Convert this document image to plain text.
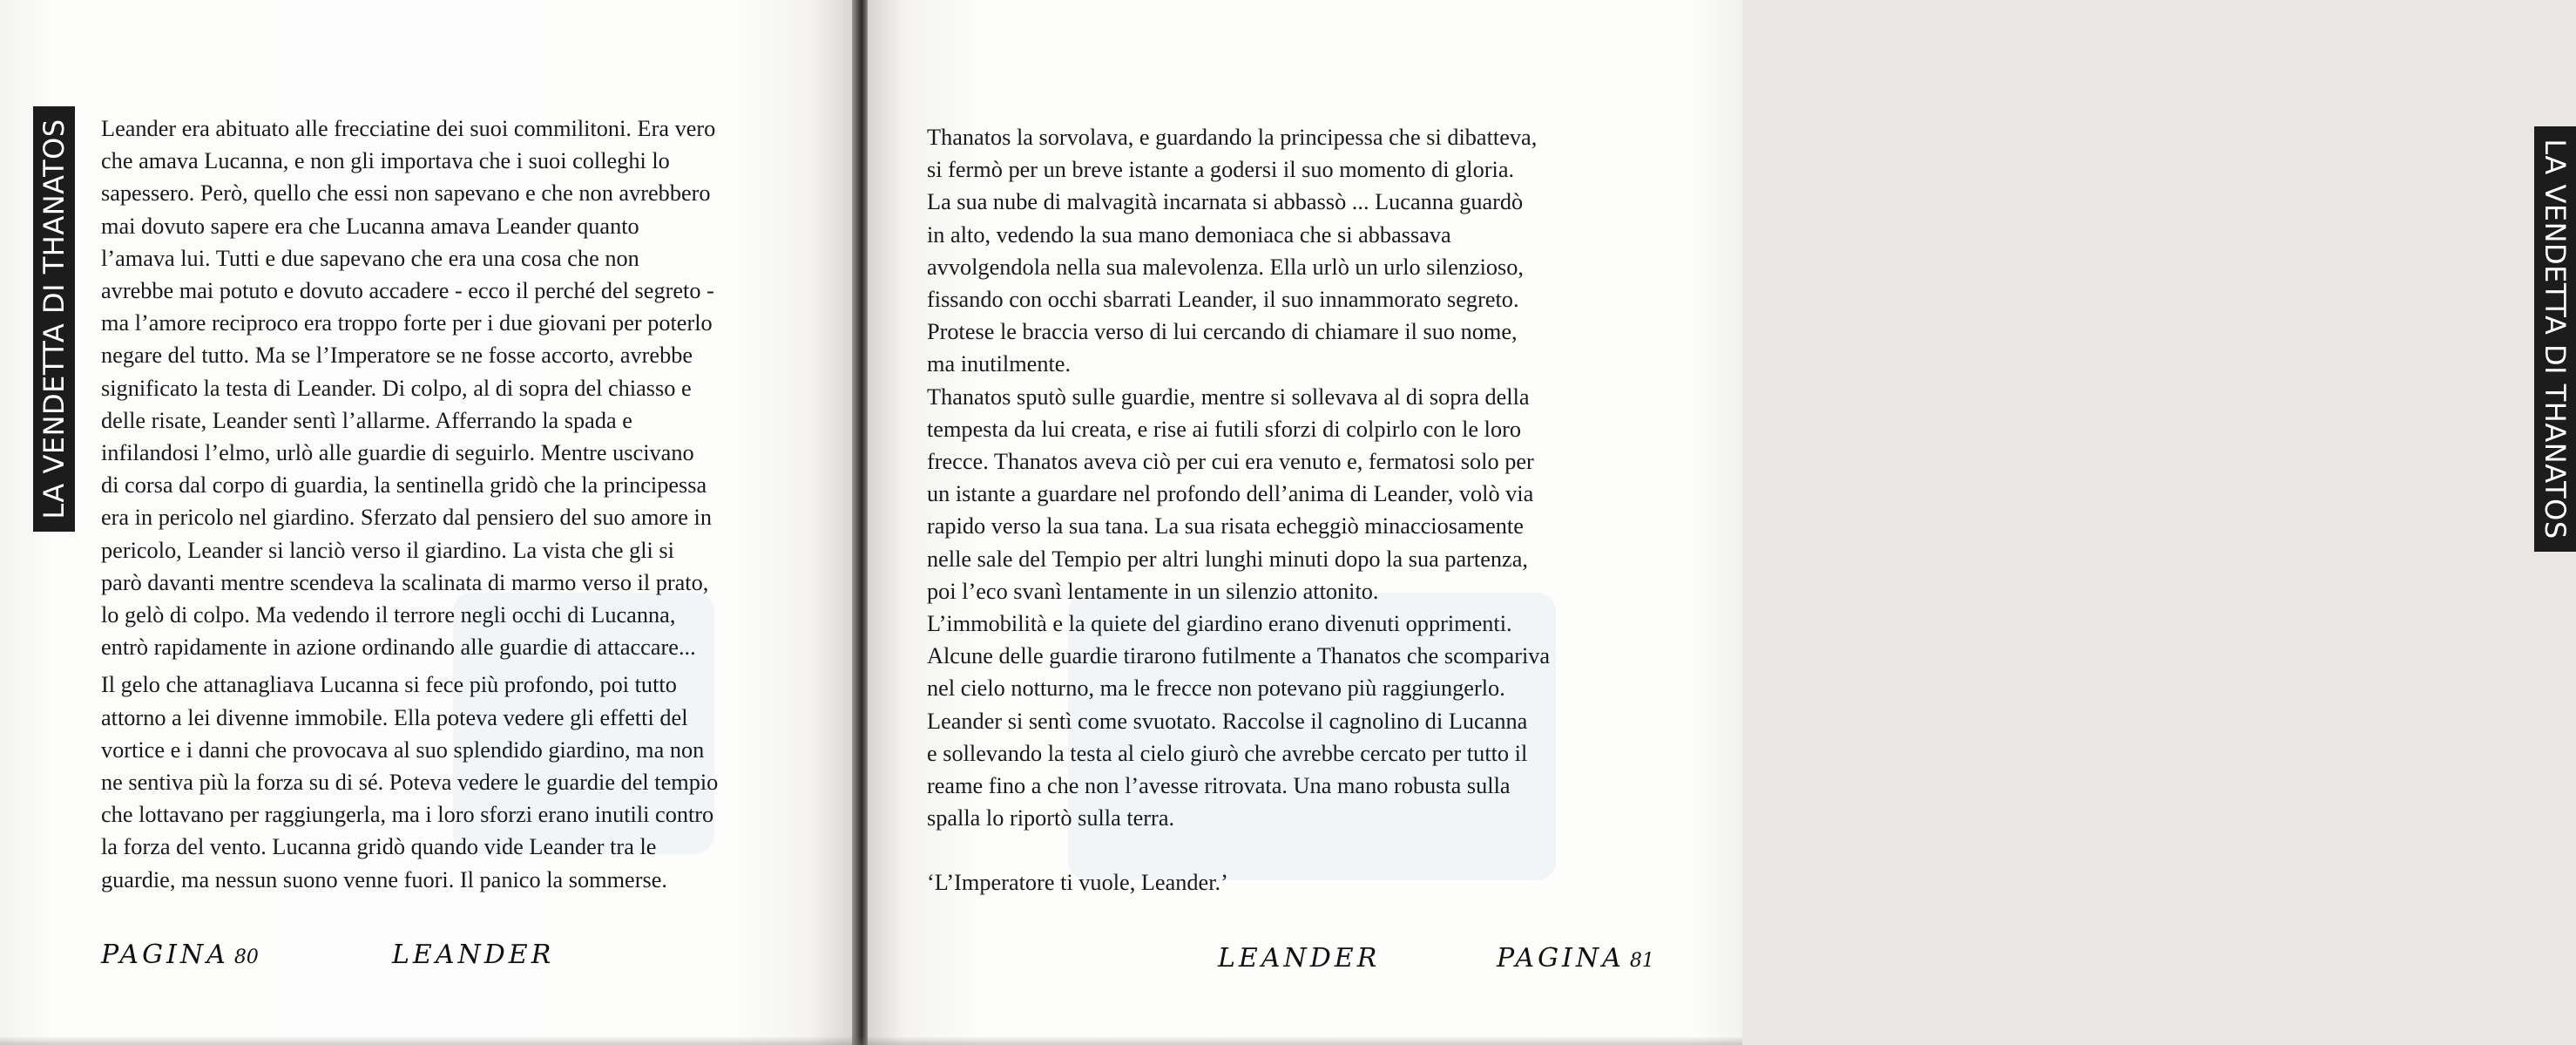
LA VENDETTA DI THANATOS Leander era abituato alle frecciatine dei suoi commilitoni. Era vero

che amava Lucanna, e non gli importava che i suoi colleghi lo

sapessero. Però, quello che essi non sapevano e che non avrebbero

mai dovuto sapere era che Lucanna amava Leander quanto

l’amava lui. Tutti e due sapevano che era una cosa che non

avrebbe mai potuto e dovuto accadere - ecco il perché del segreto -

ma l’amore reciproco era troppo forte per i due giovani per poterlo

negare del tutto. Ma se l’Imperatore se ne fosse accorto, avrebbe

significato la testa di Leander. Di colpo, al di sopra del chiasso e

delle risate, Leander sentì l’allarme. Afferrando la spada e

infilandosi l’elmo, urlò alle guardie di seguirlo. Mentre uscivano

di corsa dal corpo di guardia, la sentinella gridò che la principessa

era in pericolo nel giardino. Sferzato dal pensiero del suo amore in

pericolo, Leander si lanciò verso il giardino. La vista che gli si

parò davanti mentre scendeva la scalinata di marmo verso il prato,

lo gelò di colpo. Ma vedendo il terrore negli occhi di Lucanna,

entrò rapidamente in azione ordinando alle guardie di attaccare...

Il gelo che attanagliava Lucanna si fece più profondo, poi tutto

attorno a lei divenne immobile. Ella poteva vedere gli effetti del

vortice e i danni che provocava al suo splendido giardino, ma non

ne sentiva più la forza su di sé. Poteva vedere le guardie del tempio

che lottavano per raggiungerla, ma i loro sforzi erano inutili contro

la forza del vento. Lucanna gridò quando vide Leander tra le

guardie, ma nessun suono venne fuori. Il panico la sommerse.

PAGINA 80	LEANDER
LA VENDETTA DI THANATOS
LEANDER	PAGINA 81

Thanatos la sorvolava, e guardando la principessa che si dibatteva,

si fermò per un breve istante a godersi il suo momento di gloria.

La sua nube di malvagità incarnata si abbassò ... Lucanna guardò

in alto, vedendo la sua mano demoniaca che si abbassava

avvolgendola nella sua malevolenza. Ella urlò un urlo silenzioso,

fissando con occhi sbarrati Leander, il suo innammorato segreto.

Protese le braccia verso di lui cercando di chiamare il suo nome,

ma inutilmente.

Thanatos sputò sulle guardie, mentre si sollevava al di sopra della

tempesta da lui creata, e rise ai futili sforzi di colpirlo con le loro

frecce. Thanatos aveva ciò per cui era venuto e, fermatosi solo per

un istante a guardare nel profondo dell’anima di Leander, volò via

rapido verso la sua tana. La sua risata echeggiò minacciosamente

nelle sale del Tempio per altri lunghi minuti dopo la sua partenza,

poi l’eco svanì lentamente in un silenzio attonito.

L’immobilità e la quiete del giardino erano divenuti opprimenti.

Alcune delle guardie tirarono futilmente a Thanatos che scompariva

nel cielo notturno, ma le frecce non potevano più raggiungerlo.

Leander si sentì come svuotato. Raccolse il cagnolino di Lucanna

e sollevando la testa al cielo giurò che avrebbe cercato per tutto il

reame fino a che non l’avesse ritrovata. Una mano robusta sulla

spalla lo riportò sulla terra.

‘L’Imperatore ti vuole, Leander.’
